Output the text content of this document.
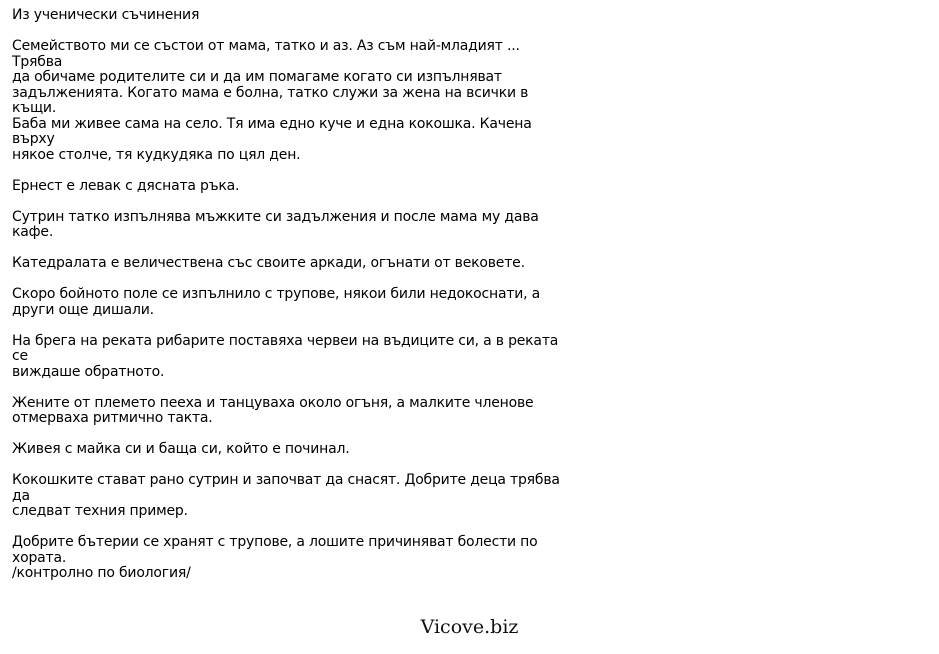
Из ученически съчинения
Семейството ми се състои от мама, татко и аз. Аз съм най-младият ... Трябва
да обичаме родителите си и да им помагаме когато си изпълняват
задълженията. Когато мама е болна, татко служи за жена на всички в къщи.
Баба ми живее сама на село. Тя има едно куче и една кокошка. Качена върху
някое столче, тя кудкудяка по цял ден.
Ернест е левак с дясната ръка.
Сутрин татко изпълнява мъжките си задължения и после мама му дава кафе.
Катедралата е величествена със своите аркади, огънати от вековете.
Скоро бойното поле се изпълнило с трупове, някои били недокоснати, а
други още дишали.
На брега на реката рибарите поставяха червеи на въдиците си, а в реката се
виждаше обратното.
Жените от племето пееха и танцуваха около огъня, а малките членове
отмерваха ритмично такта.
Живея с майка си и баща си, който е починал.
Кокошките стават рано сутрин и започват да снасят. Добрите деца трябва да
следват техния пример.
Добрите бътерии се хранят с трупове, а лошите причиняват болести по
хората.
/контролно по биология/
Vicove.biz
